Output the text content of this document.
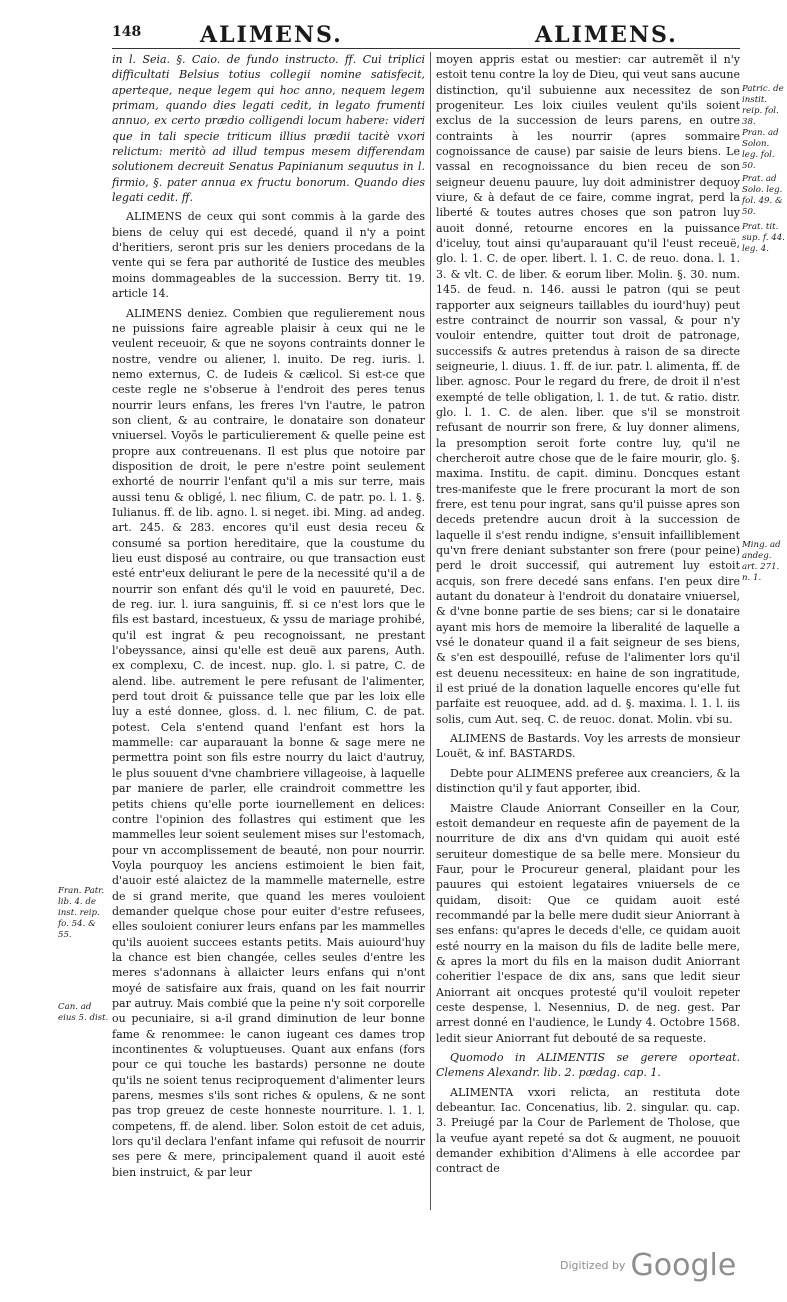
148	ALIMENS.	ALIMENS.

in l. Seia. §. Caio. de fundo instructo. ff. Cui triplici difficultati Belsius totius collegii nomine satisfecit, aperteque, neque legem qui hoc anno, nequem legem primam, quando dies legati cedit, in legato frumenti annuo, ex certo prædio colligendi locum habere: videri que in tali specie triticum illius prædii tacitè vxori relictum: meritò ad illud tempus mesem differendam solutionem decreuit Senatus Papinianum sequutus in l. firmio, §. pater annua ex fructu bonorum. Quando dies legati cedit. ff.

ALIMENS de ceux qui sont commis à la garde des biens de celuy qui est decedé, quand il n'y a point d'heritiers, seront pris sur les deniers procedans de la vente qui se fera par authorité de Iustice des meubles moins dommageables de la succession. Berry tit. 19. article 14.

ALIMENS deniez. Combien que regulierement nous ne puissions faire agreable plaisir à ceux qui ne le veulent receuoir, & que ne soyons contraints donner le nostre, vendre ou aliener, l. inuito. De reg. iuris. l. nemo externus, C. de Iudeis & cælicol. Si est-ce que ceste regle ne s'obserue à l'endroit des peres tenus nourrir leurs enfans, les freres l'vn l'autre, le patron son client, & au contraire, le donataire son donateur vniuersel. Voyõs le particulierement & quelle peine est propre aux contreuenans. Il est plus que notoire par disposition de droit, le pere n'estre point seulement exhorté de nourrir l'enfant qu'il a mis sur terre, mais aussi tenu & obligé, l. nec filium, C. de patr. po. l. 1. §. Iulianus. ff. de lib. agno. l. si neget. ibi. Ming. ad andeg. art. 245. & 283. encores qu'il eust desia receu & consumé sa portion hereditaire, que la coustume du lieu eust disposé au contraire, ou que transaction eust esté entr'eux deliurant le pere de la necessité qu'il a de nourrir son enfant dés qu'il le void en pauureté, Dec. de reg. iur. l. iura sanguinis, ff. si ce n'est lors que le fils est bastard, incestueux, & yssu de mariage prohibé, qu'il est ingrat & peu recognoissant, ne prestant l'obeyssance, ainsi qu'elle est deuë aux parens, Auth. ex complexu, C. de incest. nup. glo. l. si patre, C. de alend. libe. autrement le pere refusant de l'alimenter, perd tout droit & puissance telle que par les loix elle luy a esté donnee, gloss. d. l. nec filium, C. de pat. potest. Cela s'entend quand l'enfant est hors la mammelle: car auparauant la bonne & sage mere ne permettra point son fils estre nourry du laict d'autruy, le plus souuent d'vne chambriere villageoise, à laquelle par maniere de parler, elle craindroit commettre les petits chiens qu'elle porte iournellement en delices: contre l'opinion des follastres qui estiment que les mammelles leur soient seulement mises sur l'estomach, pour vn accomplissement de beauté, non pour nourrir. Voyla pourquoy les anciens estimoient le bien fait, d'auoir esté alaictez de la mammelle maternelle, estre de si grand merite, que quand les meres vouloient demander quelque chose pour euiter d'estre refusees, elles souloient coniurer leurs enfans par les mammelles qu'ils auoient succees estants petits. Mais auiourd'huy la chance est bien changée, celles seules d'entre les meres s'adonnans à allaicter leurs enfans qui n'ont moyé de satisfaire aux frais, quand on les fait nourrir par autruy. Mais combié que la peine n'y soit corporelle ou pecuniaire, si a-il grand diminution de leur bonne fame & renommee: le canon iugeant ces dames trop incontinentes & voluptueuses. Quant aux enfans (fors pour ce qui touche les bastards) personne ne doute qu'ils ne soient tenus reciproquement d'alimenter leurs parens, mesmes s'ils sont riches & opulens, & ne sont pas trop greuez de ceste honneste nourriture. l. 1. l. competens, ff. de alend. liber. Solon estoit de cet aduis, lors qu'il declara l'enfant infame qui refusoit de nourrir ses pere & mere, principalement quand il auoit esté bien instruict, & par leur

moyen appris estat ou mestier: car autremẽt il n'y estoit tenu contre la loy de Dieu, qui veut sans aucune distinction, qu'il subuienne aux necessitez de son progeniteur. Les loix ciuiles veulent qu'ils soient exclus de la succession de leurs parens, en outre contraints à les nourrir (apres sommaire cognoissance de cause) par saisie de leurs biens. Le vassal en recognoissance du bien receu de son seigneur deuenu pauure, luy doit administrer dequoy viure, & à defaut de ce faire, comme ingrat, perd la liberté & toutes autres choses que son patron luy auoit donné, retourne encores en la puissance d'iceluy, tout ainsi qu'auparauant qu'il l'eust receuë, glo. l. 1. C. de oper. libert. l. 1. C. de reuo. dona. l. 1. 3. & vlt. C. de liber. & eorum liber. Molin. §. 30. num. 145. de feud. n. 146. aussi le patron (qui se peut rapporter aux seigneurs taillables du iourd'huy) peut estre contrainct de nourrir son vassal, & pour n'y vouloir entendre, quitter tout droit de patronage, successifs & autres pretendus à raison de sa directe seigneurie, l. diuus. 1. ff. de iur. patr. l. alimenta, ff. de liber. agnosc. Pour le regard du frere, de droit il n'est exempté de telle obligation, l. 1. de tut. & ratio. distr. glo. l. 1. C. de alen. liber. que s'il se monstroit refusant de nourrir son frere, & luy donner alimens, la presomption seroit forte contre luy, qu'il ne chercheroit autre chose que de le faire mourir, glo. §. maxima. Institu. de capit. diminu. Doncques estant tres-manifeste que le frere procurant la mort de son frere, est tenu pour ingrat, sans qu'il puisse apres son deceds pretendre aucun droit à la succession de laquelle il s'est rendu indigne, s'ensuit infailliblement qu'vn frere deniant substanter son frere (pour peine) perd le droit successif, qui autrement luy estoit acquis, son frere decedé sans enfans. I'en peux dire autant du donateur à l'endroit du donataire vniuersel, & d'vne bonne partie de ses biens; car si le donataire ayant mis hors de memoire la liberalité de laquelle a vsé le donateur quand il a fait seigneur de ses biens, & s'en est despouillé, refuse de l'alimenter lors qu'il est deuenu necessiteux: en haine de son ingratitude, il est priué de la donation laquelle encores qu'elle fut parfaite est reuoquee, add. ad d. §. maxima. l. 1. l. iis solis, cum Aut. seq. C. de reuoc. donat. Molin. vbi su.

ALIMENS de Bastards. Voy les arrests de monsieur Louët, & inf. BASTARDS.

Debte pour ALIMENS preferee aux creanciers, & la distinction qu'il y faut apporter, ibid.

Maistre Claude Aniorrant Conseiller en la Cour, estoit demandeur en requeste afin de payement de la nourriture de dix ans d'vn quidam qui auoit esté seruiteur domestique de sa belle mere. Monsieur du Faur, pour le Procureur general, plaidant pour les pauures qui estoient legataires vniuersels de ce quidam, disoit: Que ce quidam auoit esté recommandé par la belle mere dudit sieur Aniorrant à ses enfans: qu'apres le deceds d'elle, ce quidam auoit esté nourry en la maison du fils de ladite belle mere, & apres la mort du fils en la maison dudit Aniorrant coheritier l'espace de dix ans, sans que ledit sieur Aniorrant ait oncques protesté qu'il vouloit repeter ceste despense, l. Nesennius, D. de neg. gest. Par arrest donné en l'audience, le Lundy 4. Octobre 1568. ledit sieur Aniorrant fut debouté de sa requeste.

Quomodo in ALIMENTIS se gerere oporteat. Clemens Alexandr. lib. 2. pædag. cap. 1.

ALIMENTA vxori relicta, an restituta dote debeantur. Iac. Concenatius, lib. 2. singular. qu. cap. 3. Preiugé par la Cour de Parlement de Tholose, que la veufue ayant repeté sa dot & augment, ne pouuoit demander exhibition d'Alimens à elle accordee par contract de

Patric. de instit. reip. fol. 38.
Pran. ad Solon. leg. fol. 50.
Prat. ad Solo. leg. fol. 49. & 50.
Prat. tit. sup. f. 44. leg. 4.
Ming. ad andeg. art. 271. n. 1.
Fran. Patr. lib. 4. de inst. reip. fo. 54. & 55.
Can. ad eius 5. dist.
Digitized by Google
